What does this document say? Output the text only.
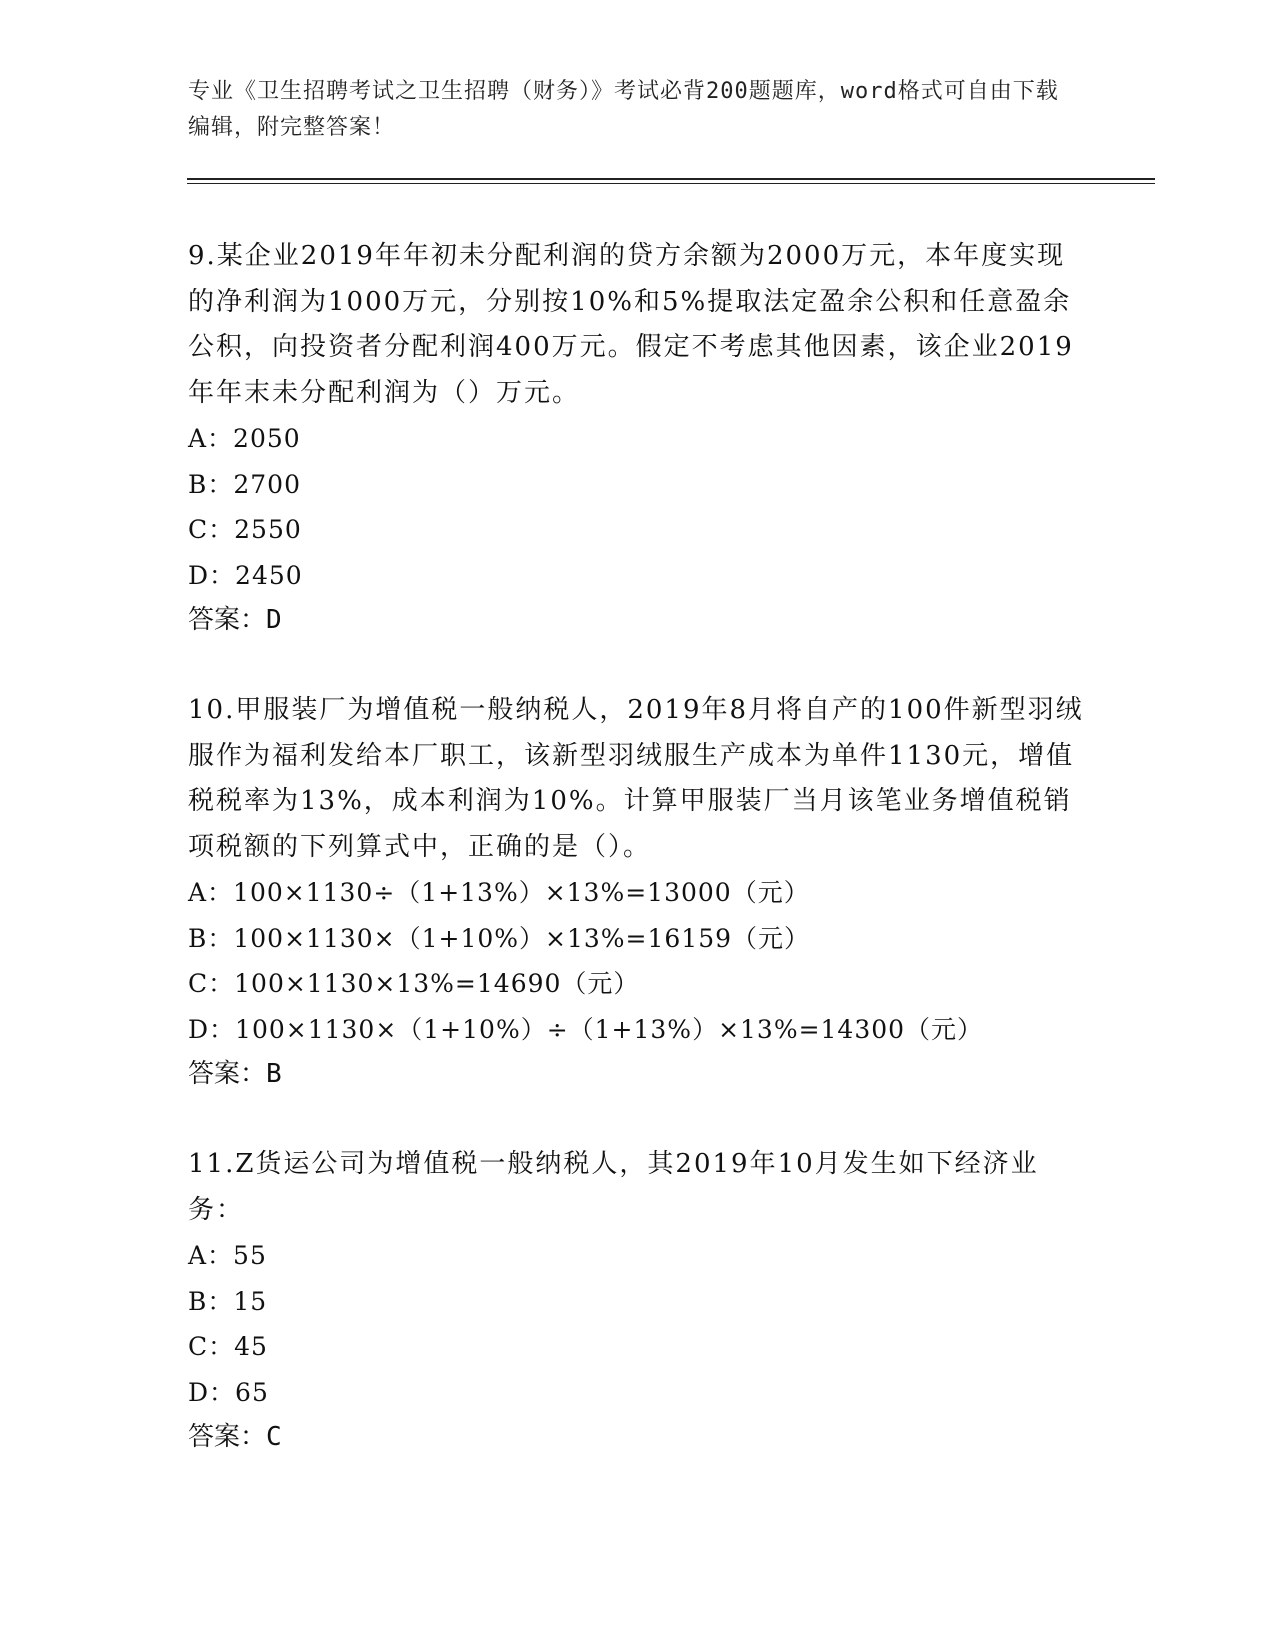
专业《卫生招聘考试之卫生招聘（财务）》考试必背200题题库，word格式可自由下载编辑，附完整答案！

9.某企业2019年年初未分配利润的贷方余额为2000万元，本年度实现的净利润为1000万元，分别按10%和5%提取法定盈余公积和任意盈余公积，向投资者分配利润400万元。假定不考虑其他因素，该企业2019年年末未分配利润为（）万元。

A：2050

B：2700

C：2550

D：2450

答案：D

10.甲服装厂为增值税一般纳税人，2019年8月将自产的100件新型羽绒服作为福利发给本厂职工，该新型羽绒服生产成本为单件1130元，增值税税率为13%，成本利润为10%。计算甲服装厂当月该笔业务增值税销项税额的下列算式中，正确的是（）。

A：100×1130÷（1+13%）×13%=13000（元）

B：100×1130×（1+10%）×13%=16159（元）

C：100×1130×13%=14690（元）

D：100×1130×（1+10%）÷（1+13%）×13%=14300（元）

答案：B

11.Z货运公司为增值税一般纳税人，其2019年10月发生如下经济业务：

A：55

B：15

C：45

D：65

答案：C
